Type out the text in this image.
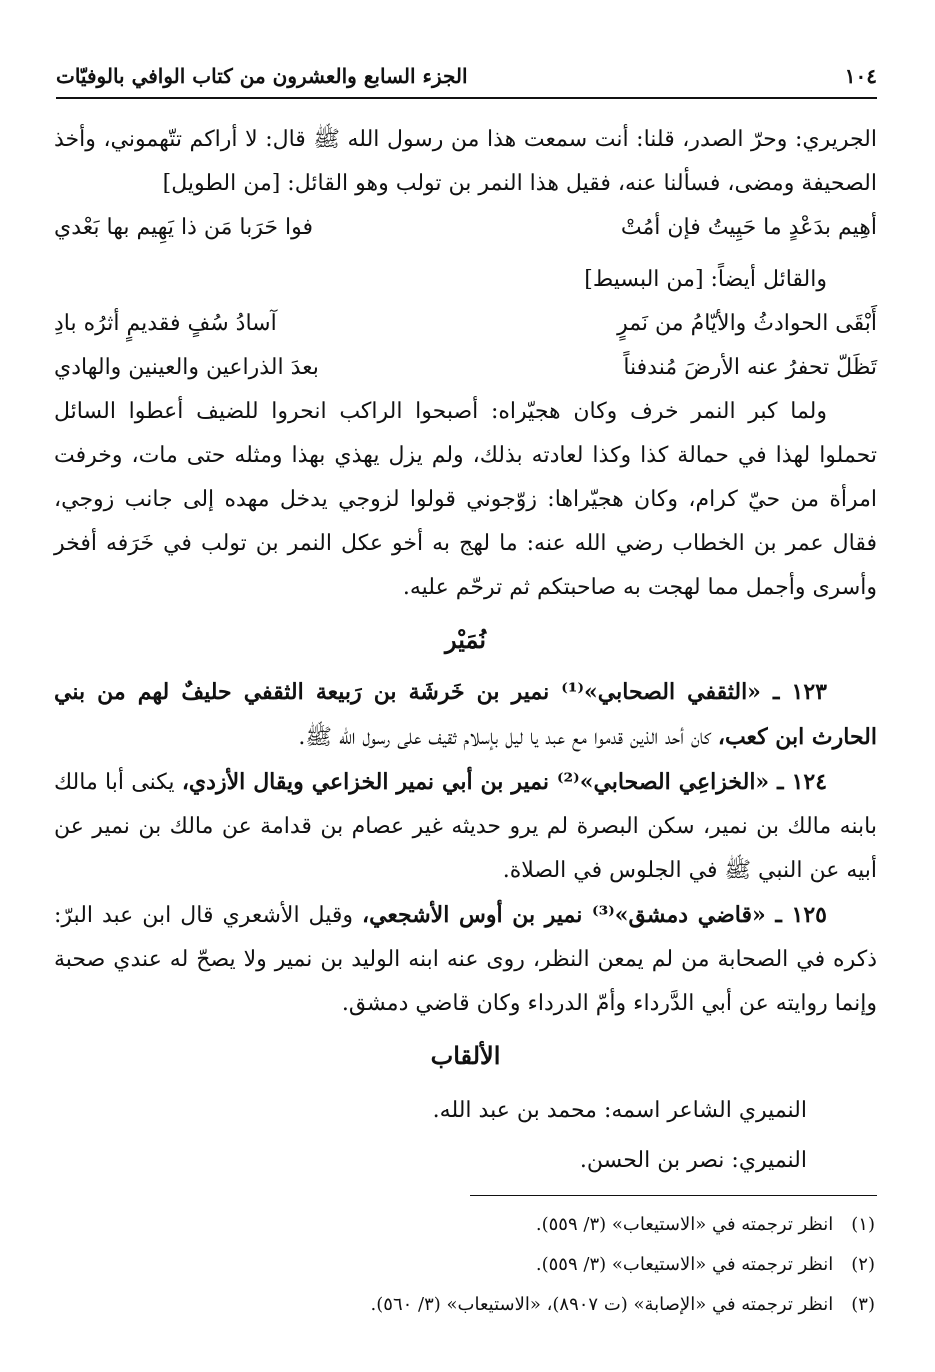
١٠٤
الجزء السابع والعشرون من كتاب الوافي بالوفيّات

الجريري: وحرّ الصدر، قلنا: أنت سمعت هذا من رسول الله ﷺ قال: لا أراكم تتّهموني، وأخذ الصحيفة ومضى، فسألنا عنه، فقيل هذا النمر بن تولب وهو القائل: [من الطويل]

أهِيم بدَعْدٍ ما حَيِيتُ فإن أمُتْ
فوا حَرَبا مَن ذا يَهِيم بها بَعْدي

والقائل أيضاً: [من البسيط]

أَبْقَى الحوادثُ والأيّامُ من نَمرٍ
آسادُ سُفٍ فقديمٍ أثرُه بادِ
تَظَلّ تحفرُ عنه الأرضَ مُندفناً
بعدَ الذراعين والعينين والهادي

ولما كبر النمر خرف وكان هجيّراه: أصبحوا الراكب انحروا للضيف أعطوا السائل تحملوا لهذا في حمالة كذا وكذا لعادته بذلك، ولم يزل يهذي بهذا ومثله حتى مات، وخرفت امرأة من حيّ كرام، وكان هجيّراها: زوّجوني قولوا لزوجي يدخل مهده إلى جانب زوجي، فقال عمر بن الخطاب رضي الله عنه: ما لهج به أخو عكل النمر بن تولب في خَرَفه أفخر وأسرى وأجمل مما لهجت به صاحبتكم ثم ترحّم عليه.

نُمَيْر

١٢٣ ـ «الثقفي الصحابي»⁽¹⁾ نمير بن خَرشَة بن رَبيعة الثقفي حليفٌ لهم من بني الحارث ابن كعب، كان أحد الذين قدموا مع عبد يا ليل بإسلام ثقيف على رسول الله ﷺ.

١٢٤ ـ «الخزاعِي الصحابي»⁽²⁾ نمير بن أبي نمير الخزاعي ويقال الأزدي، يكنى أبا مالك بابنه مالك بن نمير، سكن البصرة لم يرو حديثه غير عصام بن قدامة عن مالك بن نمير عن أبيه عن النبي ﷺ في الجلوس في الصلاة.

١٢٥ ـ «قاضي دمشق»⁽³⁾ نمير بن أوس الأشجعي، وقيل الأشعري قال ابن عبد البرّ: ذكره في الصحابة من لم يمعن النظر، روى عنه ابنه الوليد بن نمير ولا يصحّ له عندي صحبة وإنما روايته عن أبي الدَّرداء وأمّ الدرداء وكان قاضي دمشق.

الألقاب
النميري الشاعر اسمه: محمد بن عبد الله.
النميري: نصر بن الحسن.
(١)
انظر ترجمته في «الاستيعاب» (٣/ ٥٥٩).
(٢)
انظر ترجمته في «الاستيعاب» (٣/ ٥٥٩).
(٣)
انظر ترجمته في «الإصابة» (ت ٨٩٠٧)، «الاستيعاب» (٣/ ٥٦٠).
